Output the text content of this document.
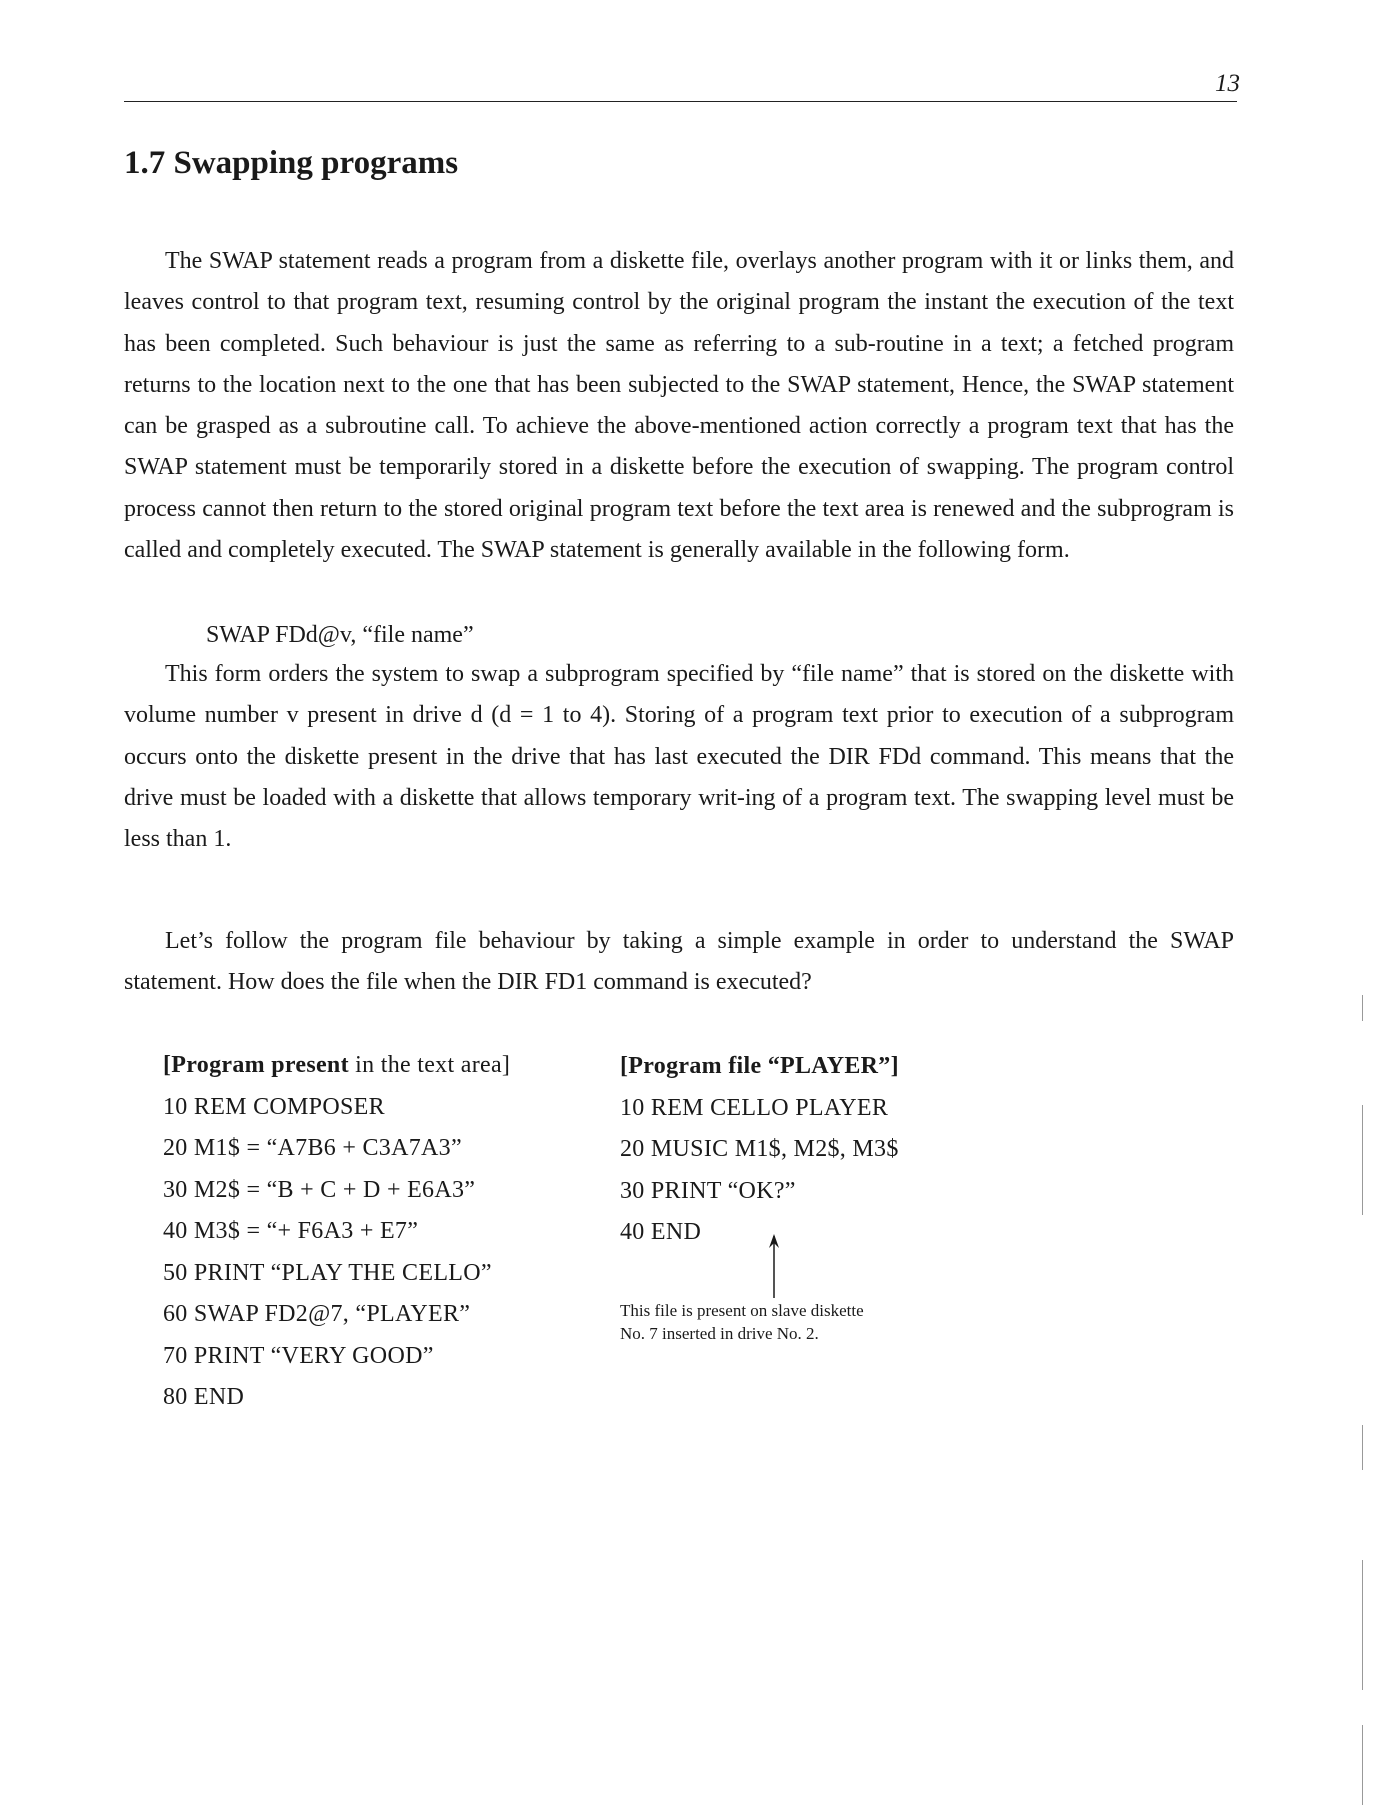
13
1.7 Swapping programs

The SWAP statement reads a program from a diskette file, overlays another program with it or links them, and leaves control to that program text, resuming control by the original program the instant the execution of the text has been completed. Such behaviour is just the same as referring to a sub-routine in a text; a fetched program returns to the location next to the one that has been subjected to the SWAP statement, Hence, the SWAP statement can be grasped as a subroutine call. To achieve the above-mentioned action correctly a program text that has the SWAP statement must be temporarily stored in a diskette before the execution of swapping. The program control process cannot then return to the stored original program text before the text area is renewed and the subprogram is called and completely executed. The SWAP statement is generally available in the following form.

SWAP FDd@v, “file name”

This form orders the system to swap a subprogram specified by “file name” that is stored on the diskette with volume number v present in drive d (d = 1 to 4). Storing of a program text prior to execution of a subprogram occurs onto the diskette present in the drive that has last executed the DIR FDd command. This means that the drive must be loaded with a diskette that allows temporary writ-ing of a program text. The swapping level must be less than 1.

Let’s follow the program file behaviour by taking a simple example in order to understand the SWAP statement. How does the file when the DIR FD1 command is executed?

[Program present in the text area]
10 REM COMPOSER
20 M1$ = “A7B6 + C3A7A3”
30 M2$ = “B + C + D + E6A3”
40 M3$ = “+ F6A3 + E7”
50 PRINT “PLAY THE CELLO”
60 SWAP FD2@7, “PLAYER”
70 PRINT “VERY GOOD”
80 END
[Program file “PLAYER”]
10 REM CELLO PLAYER
20 MUSIC M1$, M2$, M3$
30 PRINT “OK?”
40 END
This file is present on slave diskette
No. 7 inserted in drive No. 2.
